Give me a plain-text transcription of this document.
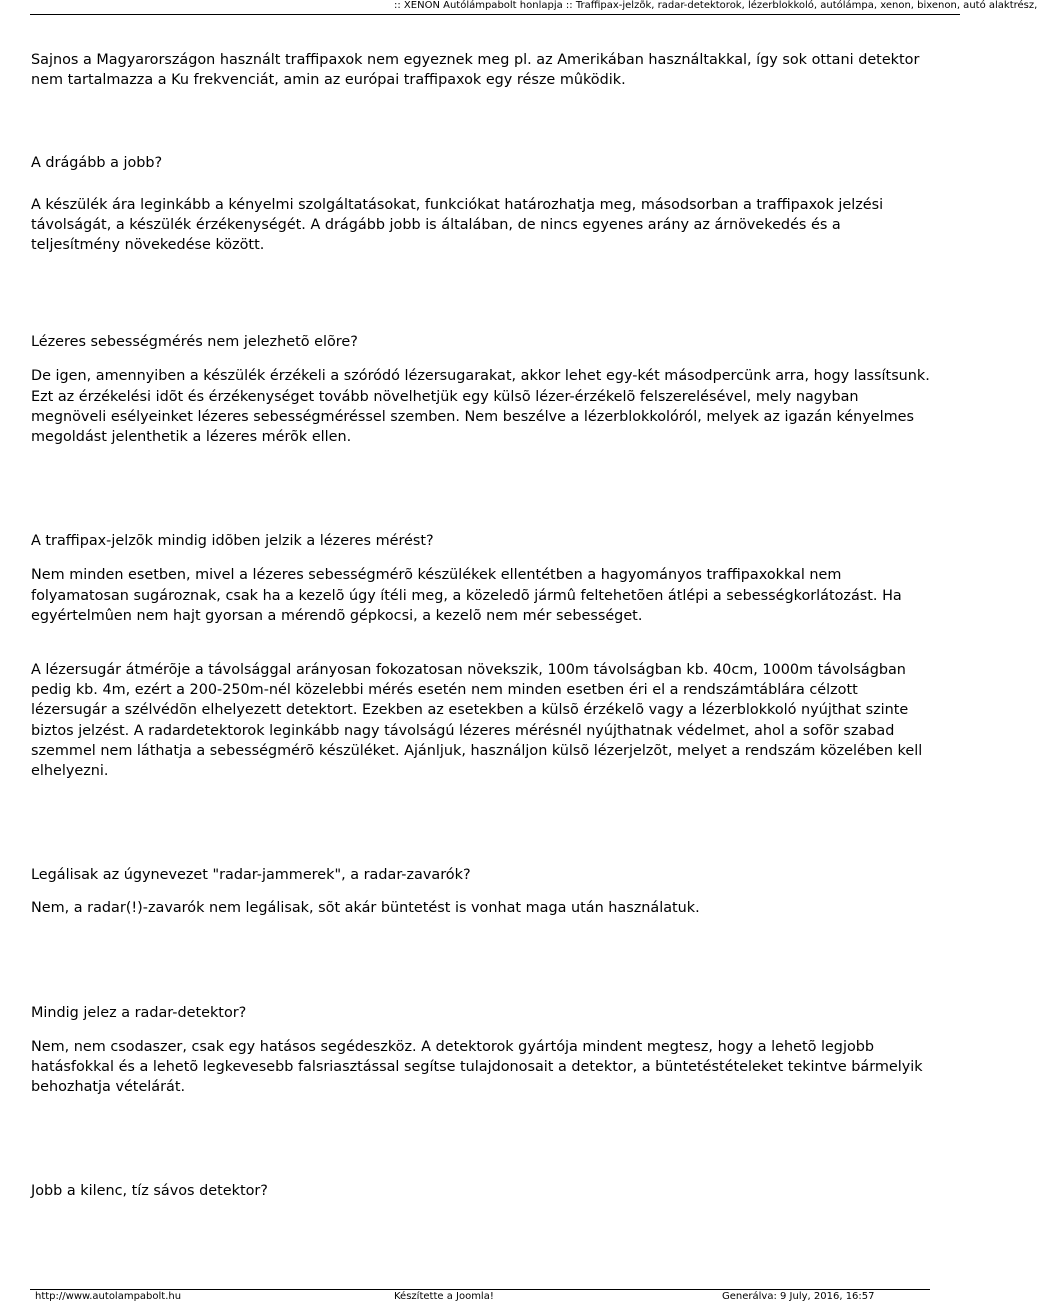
:: XENON Autólámpabolt honlapja :: Traffipax-jelzõk, radar-detektorok, lézerblokkoló, autólámpa, xenon, bixenon, autó alaktrész,

Sajnos a Magyarországon használt traffipaxok nem egyeznek meg pl. az Amerikában használtakkal, így sok ottani detektor nem tartalmazza a Ku frekvenciát, amin az európai traffipaxok egy része mûködik.

A drágább a jobb?

A készülék ára leginkább a kényelmi szolgáltatásokat, funkciókat határozhatja meg, másodsorban a traffipaxok jelzési távolságát, a készülék érzékenységét. A drágább jobb is általában, de nincs egyenes arány az árnövekedés és a teljesítmény növekedése között.

Lézeres sebességmérés nem jelezhetõ elõre?

De igen, amennyiben a készülék érzékeli a szóródó lézersugarakat, akkor lehet egy-két másodpercünk arra, hogy lassítsunk. Ezt az érzékelési idõt és érzékenységet tovább növelhetjük egy külsõ lézer-érzékelõ felszerelésével, mely nagyban megnöveli esélyeinket lézeres sebességméréssel szemben. Nem beszélve a lézerblokkolóról, melyek az igazán kényelmes megoldást jelenthetik a lézeres mérõk ellen.

A traffipax-jelzõk mindig idõben jelzik a lézeres mérést?

Nem minden esetben, mivel a lézeres sebességmérõ készülékek ellentétben a hagyományos traffipaxokkal nem folyamatosan sugároznak, csak ha a kezelõ úgy ítéli meg, a közeledõ jármû feltehetõen átlépi a sebességkorlátozást. Ha egyértelmûen nem hajt gyorsan a mérendõ gépkocsi, a kezelõ nem mér sebességet.

A lézersugár átmérõje a távolsággal arányosan fokozatosan növekszik, 100m távolságban kb. 40cm, 1000m távolságban pedig kb. 4m, ezért a 200-250m-nél közelebbi mérés esetén nem minden esetben éri el a rendszámtáblára célzott lézersugár a szélvédõn elhelyezett detektort. Ezekben az esetekben a külsõ érzékelõ vagy a lézerblokkoló nyújthat szinte biztos jelzést. A radardetektorok leginkább nagy távolságú lézeres mérésnél nyújthatnak védelmet, ahol a sofõr szabad szemmel nem láthatja a sebességmérõ készüléket. Ajánljuk, használjon külsõ lézerjelzõt, melyet a rendszám közelében kell elhelyezni.

Legálisak az úgynevezet "radar-jammerek", a radar-zavarók?

Nem, a radar(!)-zavarók nem legálisak, sõt akár büntetést is vonhat maga után használatuk.

Mindig jelez a radar-detektor?

Nem, nem csodaszer, csak egy hatásos segédeszköz. A detektorok gyártója mindent megtesz, hogy a lehetõ legjobb hatásfokkal és a lehetõ legkevesebb falsriasztással segítse tulajdonosait a detektor, a büntetéstételeket tekintve bármelyik behozhatja vételárát.

Jobb a kilenc, tíz sávos detektor?

http://www.autolampabolt.hu	Készítette a Joomla!	Generálva: 9 July, 2016, 16:57
